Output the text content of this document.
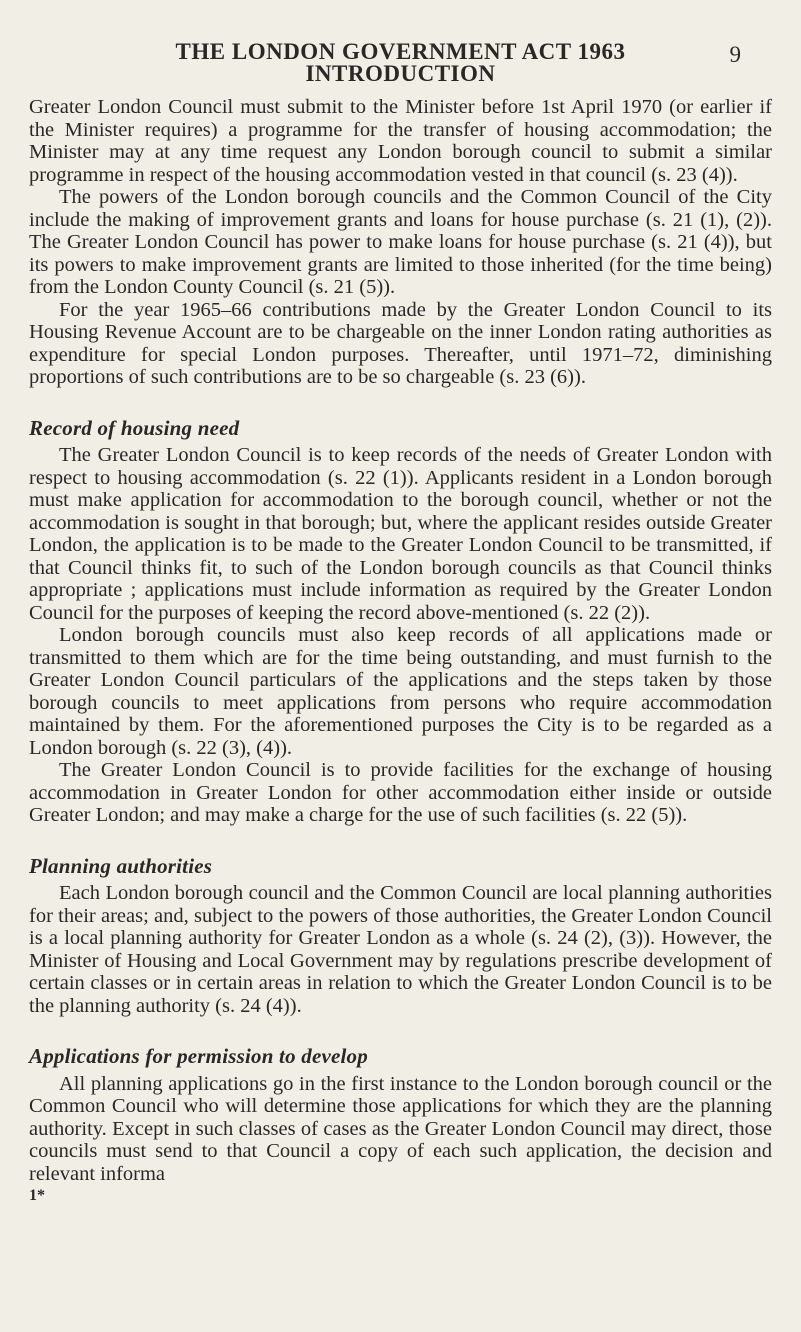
THE LONDON GOVERNMENT ACT 1963	9
INTRODUCTION

Greater London Council must submit to the Minister before 1st April 1970 (or earlier if the Minister requires) a programme for the transfer of housing accommodation; the Minister may at any time request any London borough council to submit a similar programme in respect of the housing accommodation vested in that council (s. 23 (4)).

The powers of the London borough councils and the Common Council of the City include the making of improvement grants and loans for house purchase (s. 21 (1), (2)). The Greater London Council has power to make loans for house purchase (s. 21 (4)), but its powers to make improvement grants are limited to those inherited (for the time being) from the London County Council (s. 21 (5)).

For the year 1965–66 contributions made by the Greater London Council to its Housing Revenue Account are to be chargeable on the inner London rating authorities as expenditure for special London purposes. Thereafter, until 1971–72, diminishing proportions of such contributions are to be so chargeable (s. 23 (6)).

Record of housing need

The Greater London Council is to keep records of the needs of Greater London with respect to housing accommodation (s. 22 (1)). Applicants resident in a London borough must make application for accommodation to the borough council, whether or not the accommodation is sought in that borough; but, where the applicant resides outside Greater London, the application is to be made to the Greater London Council to be transmitted, if that Council thinks fit, to such of the London borough councils as that Council thinks appropriate ; applications must include information as required by the Greater London Council for the purposes of keeping the record above-mentioned (s. 22 (2)).

London borough councils must also keep records of all applications made or transmitted to them which are for the time being outstanding, and must furnish to the Greater London Council particulars of the applications and the steps taken by those borough councils to meet applications from persons who require accommodation maintained by them. For the aforementioned purposes the City is to be regarded as a London borough (s. 22 (3), (4)).

The Greater London Council is to provide facilities for the exchange of housing accommodation in Greater London for other accommodation either inside or outside Greater London; and may make a charge for the use of such facilities (s. 22 (5)).

Planning authorities

Each London borough council and the Common Council are local planning authorities for their areas; and, subject to the powers of those authorities, the Greater London Council is a local planning authority for Greater London as a whole (s. 24 (2), (3)). However, the Minister of Housing and Local Government may by regulations prescribe development of certain classes or in certain areas in relation to which the Greater London Council is to be the planning authority (s. 24 (4)).

Applications for permission to develop

All planning applications go in the first instance to the London borough council or the Common Council who will determine those applications for which they are the planning authority. Except in such classes of cases as the Greater London Council may direct, those councils must send to that Council a copy of each such application, the decision and relevant informa

1*
